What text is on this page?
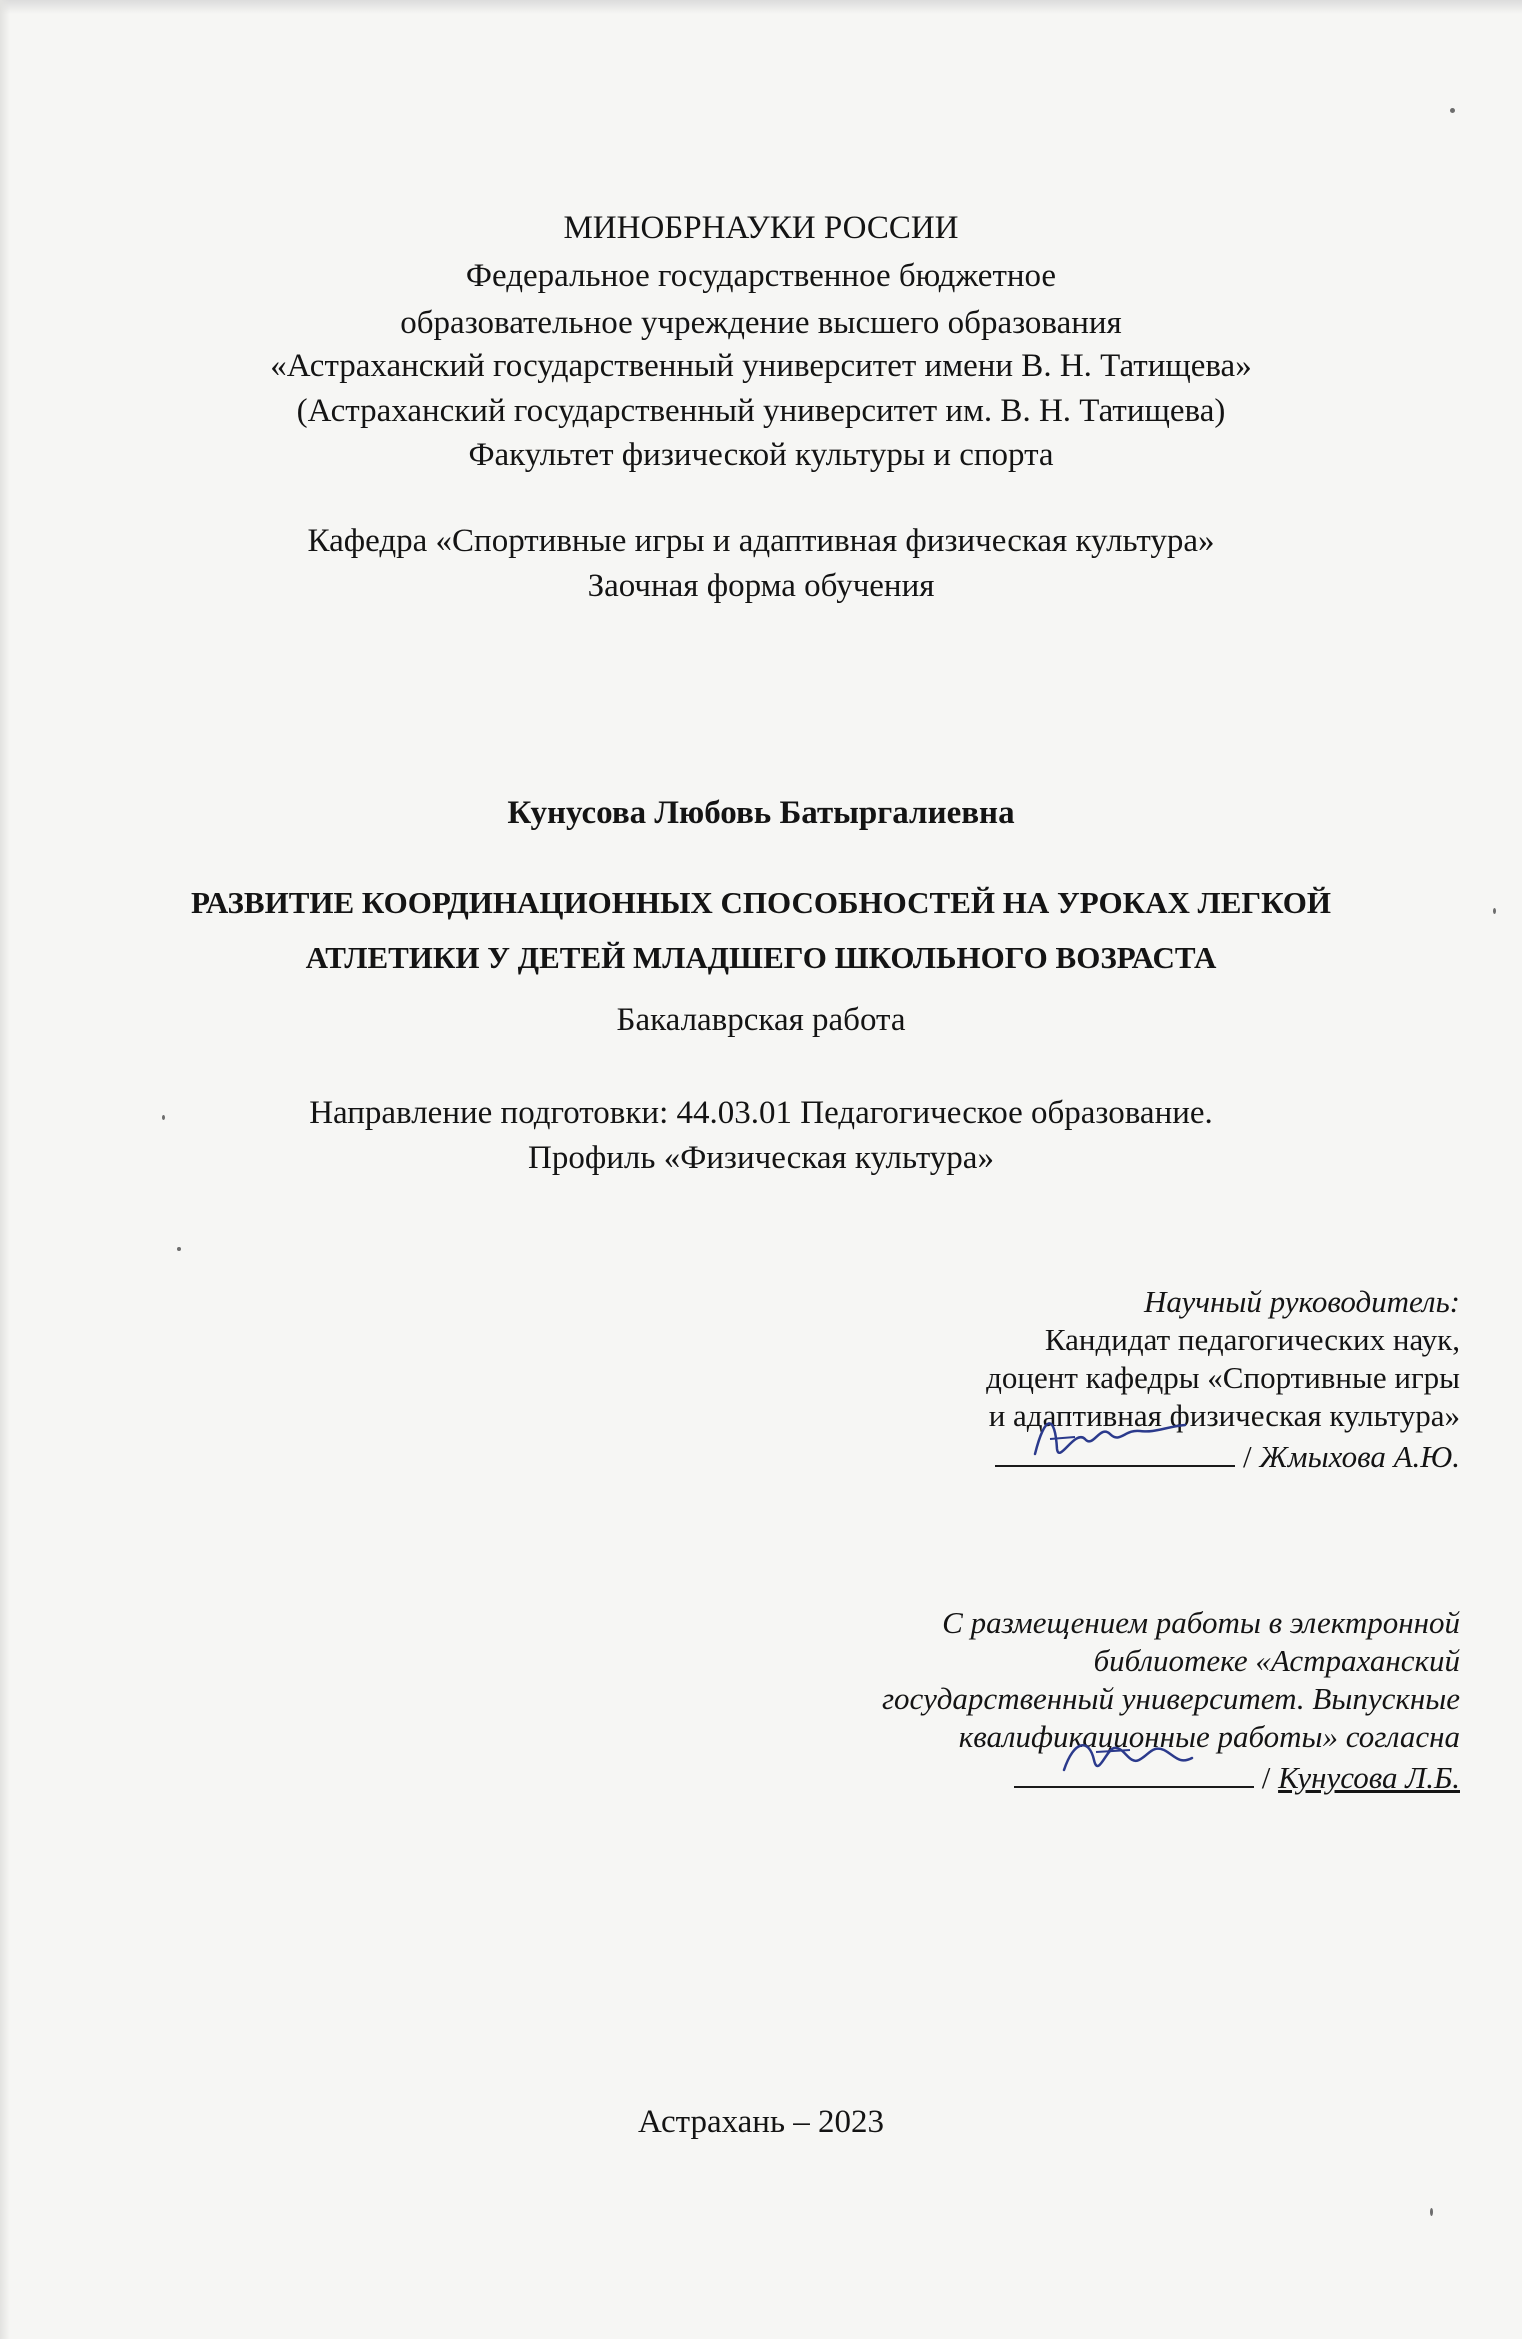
МИНОБРНАУКИ РОССИИ
Федеральное государственное бюджетное
образовательное учреждение высшего образования
«Астраханский государственный университет имени В. Н. Татищева»
(Астраханский государственный университет им. В. Н. Татищева)
Факультет физической культуры и спорта
Кафедра «Спортивные игры и адаптивная физическая культура»
Заочная форма обучения
Кунусова Любовь Батыргалиевна
РАЗВИТИЕ КООРДИНАЦИОННЫХ СПОСОБНОСТЕЙ НА УРОКАХ ЛЕГКОЙ
АТЛЕТИКИ У ДЕТЕЙ МЛАДШЕГО ШКОЛЬНОГО ВОЗРАСТА
Бакалаврская работа
Направление подготовки: 44.03.01 Педагогическое образование.
Профиль «Физическая культура»
Научный руководитель:
Кандидат педагогических наук,
доцент кафедры «Спортивные игры
и адаптивная физическая культура»
/ Жмыхова А.Ю.
С размещением работы в электронной
библиотеке «Астраханский
государственный университет. Выпускные
квалификационные работы» согласна
/ Кунусова Л.Б.
Астрахань – 2023
